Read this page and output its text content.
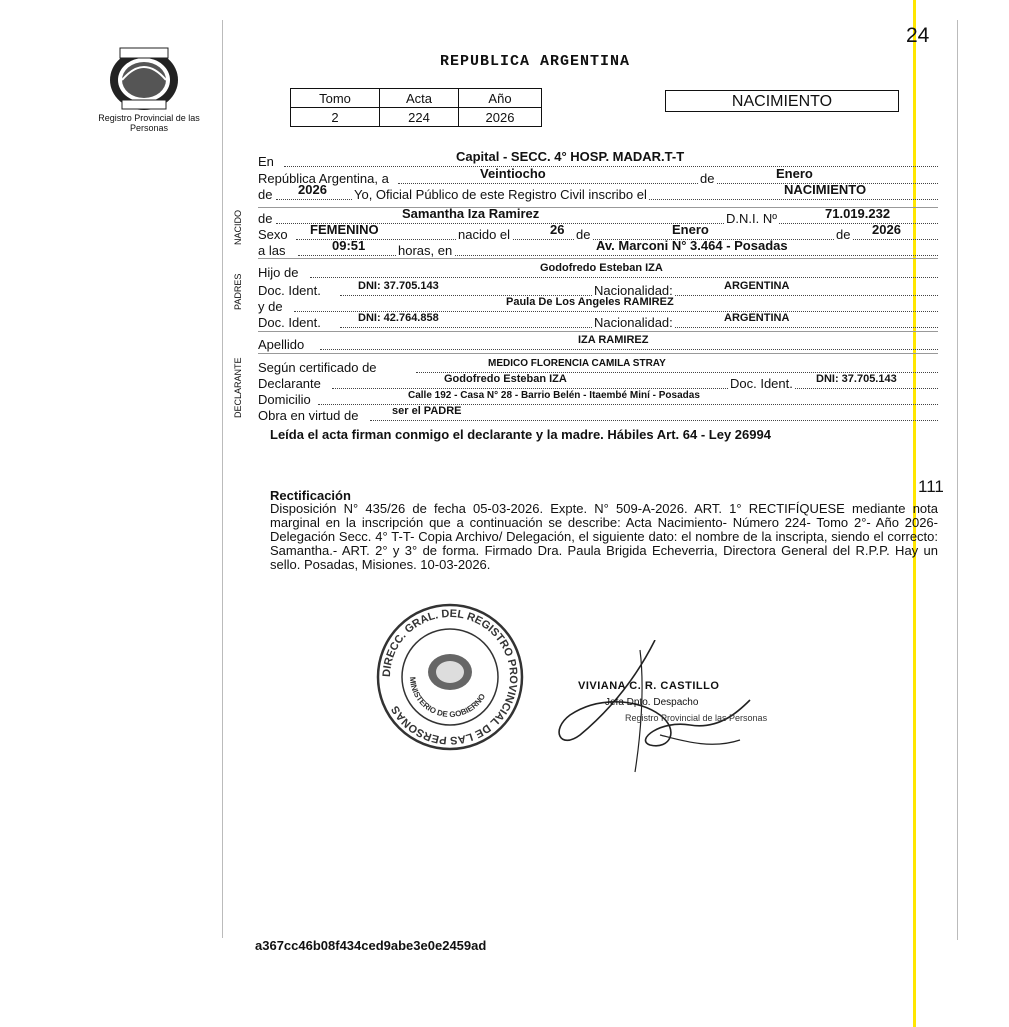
Registro Provincial de las Personas
24
REPUBLICA ARGENTINA
Tomo	Acta	Año
2	224	2026
NACIMIENTO
NACIDO
PADRES
DECLARANTE
En	Capital - SECC. 4° HOSP. MADAR.T-T
República Argentina, a	Veintiocho	de	Enero
de 2026 Yo, Oficial Público de este Registro Civil inscribo el	NACIMIENTO
de	Samantha Iza Ramirez	D.N.I. Nº	71.019.232
Sexo FEMENINO	nacido el	26 de	Enero	de 2026
a las	09:51	horas, en	Av. Marconi N° 3.464 - Posadas
Hijo de	Godofredo Esteban IZA
Doc. Ident.	DNI: 37.705.143	Nacionalidad:	ARGENTINA
y de	Paula De Los Angeles RAMIREZ
Doc. Ident.	DNI: 42.764.858	Nacionalidad:	ARGENTINA
Apellido	IZA RAMIREZ
Según certificado de	MEDICO FLORENCIA CAMILA STRAY
Declarante	Godofredo Esteban IZA	Doc. Ident. DNI: 37.705.143
Domicilio	Calle 192 - Casa N° 28 - Barrio Belén - Itaembé Miní - Posadas
Obra en virtud de	ser el PADRE
Leída el acta firman conmigo el declarante y la madre. Hábiles Art. 64 - Ley 26994
111
Rectificación
Disposición N° 435/26 de fecha 05-03-2026. Expte. N° 509-A-2026. ART. 1° RECTIFÍQUESE mediante nota marginal en la inscripción que a continuación se describe: Acta Nacimiento- Número 224- Tomo 2°- Año 2026- Delegación Secc. 4° T-T- Copia Archivo/ Delegación, el siguiente dato: el nombre de la inscripta, siendo el correcto: Samantha.- ART. 2° y 3° de forma. Firmado Dra. Paula Brigida Echeverria, Directora General del R.P.P. Hay un sello. Posadas, Misiones. 10-03-2026.
DIRECC. GRAL. DEL REGISTRO PROVINCIAL DE LAS PERSONAS
MINISTERIO DE GOBIERNO
VIVIANA C. R. CASTILLO
Jefa Dpto. Despacho
Registro Provincial de las Personas
a367cc46b08f434ced9abe3e0e2459ad
